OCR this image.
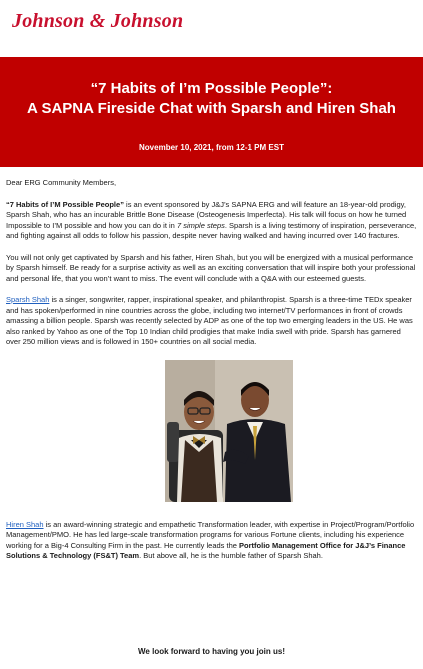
Johnson & Johnson
“7 Habits of I’m Possible People”:
A SAPNA Fireside Chat with Sparsh and Hiren Shah
November 10, 2021, from 12-1 PM EST

Dear ERG Community Members,

“7 Habits of I’M Possible People” is an event sponsored by J&J’s SAPNA ERG and will feature an 18-year-old prodigy, Sparsh Shah, who has an incurable Brittle Bone Disease (Osteogenesis Imperfecta). His talk will focus on how he turned Impossible to I’M possible and how you can do it in 7 simple steps. Sparsh is a living testimony of inspiration, perseverance, and fighting against all odds to follow his passion, despite never having walked and having incurred over 140 fractures.

You will not only get captivated by Sparsh and his father, Hiren Shah, but you will be energized with a musical performance by Sparsh himself. Be ready for a surprise activity as well as an exciting conversation that will inspire both your professional and personal life, that you won’t want to miss. The event will conclude with a Q&A with our esteemed guests.

Sparsh Shah is a singer, songwriter, rapper, inspirational speaker, and philanthropist. Sparsh is a three-time TEDx speaker and has spoken/performed in nine countries across the globe, including two internet/TV performances in front of crowds amassing a billion people. Sparsh was recently selected by ADP as one of the top two emerging leaders in the US. He was also ranked by Yahoo as one of the Top 10 Indian child prodigies that make India swell with pride. Sparsh has garnered over 250 million views and is followed in 150+ countries on all social media.

Hiren Shah is an award-winning strategic and empathetic Transformation leader, with expertise in Project/Program/Portfolio Management/PMO. He has led large-scale transformation programs for various Fortune clients, including his experience working for a Big-4 Consulting Firm in the past. He currently leads the Portfolio Management Office for J&J’s Finance Solutions & Technology (FS&T) Team. But above all, he is the humble father of Sparsh Shah.

We look forward to having you join us!
